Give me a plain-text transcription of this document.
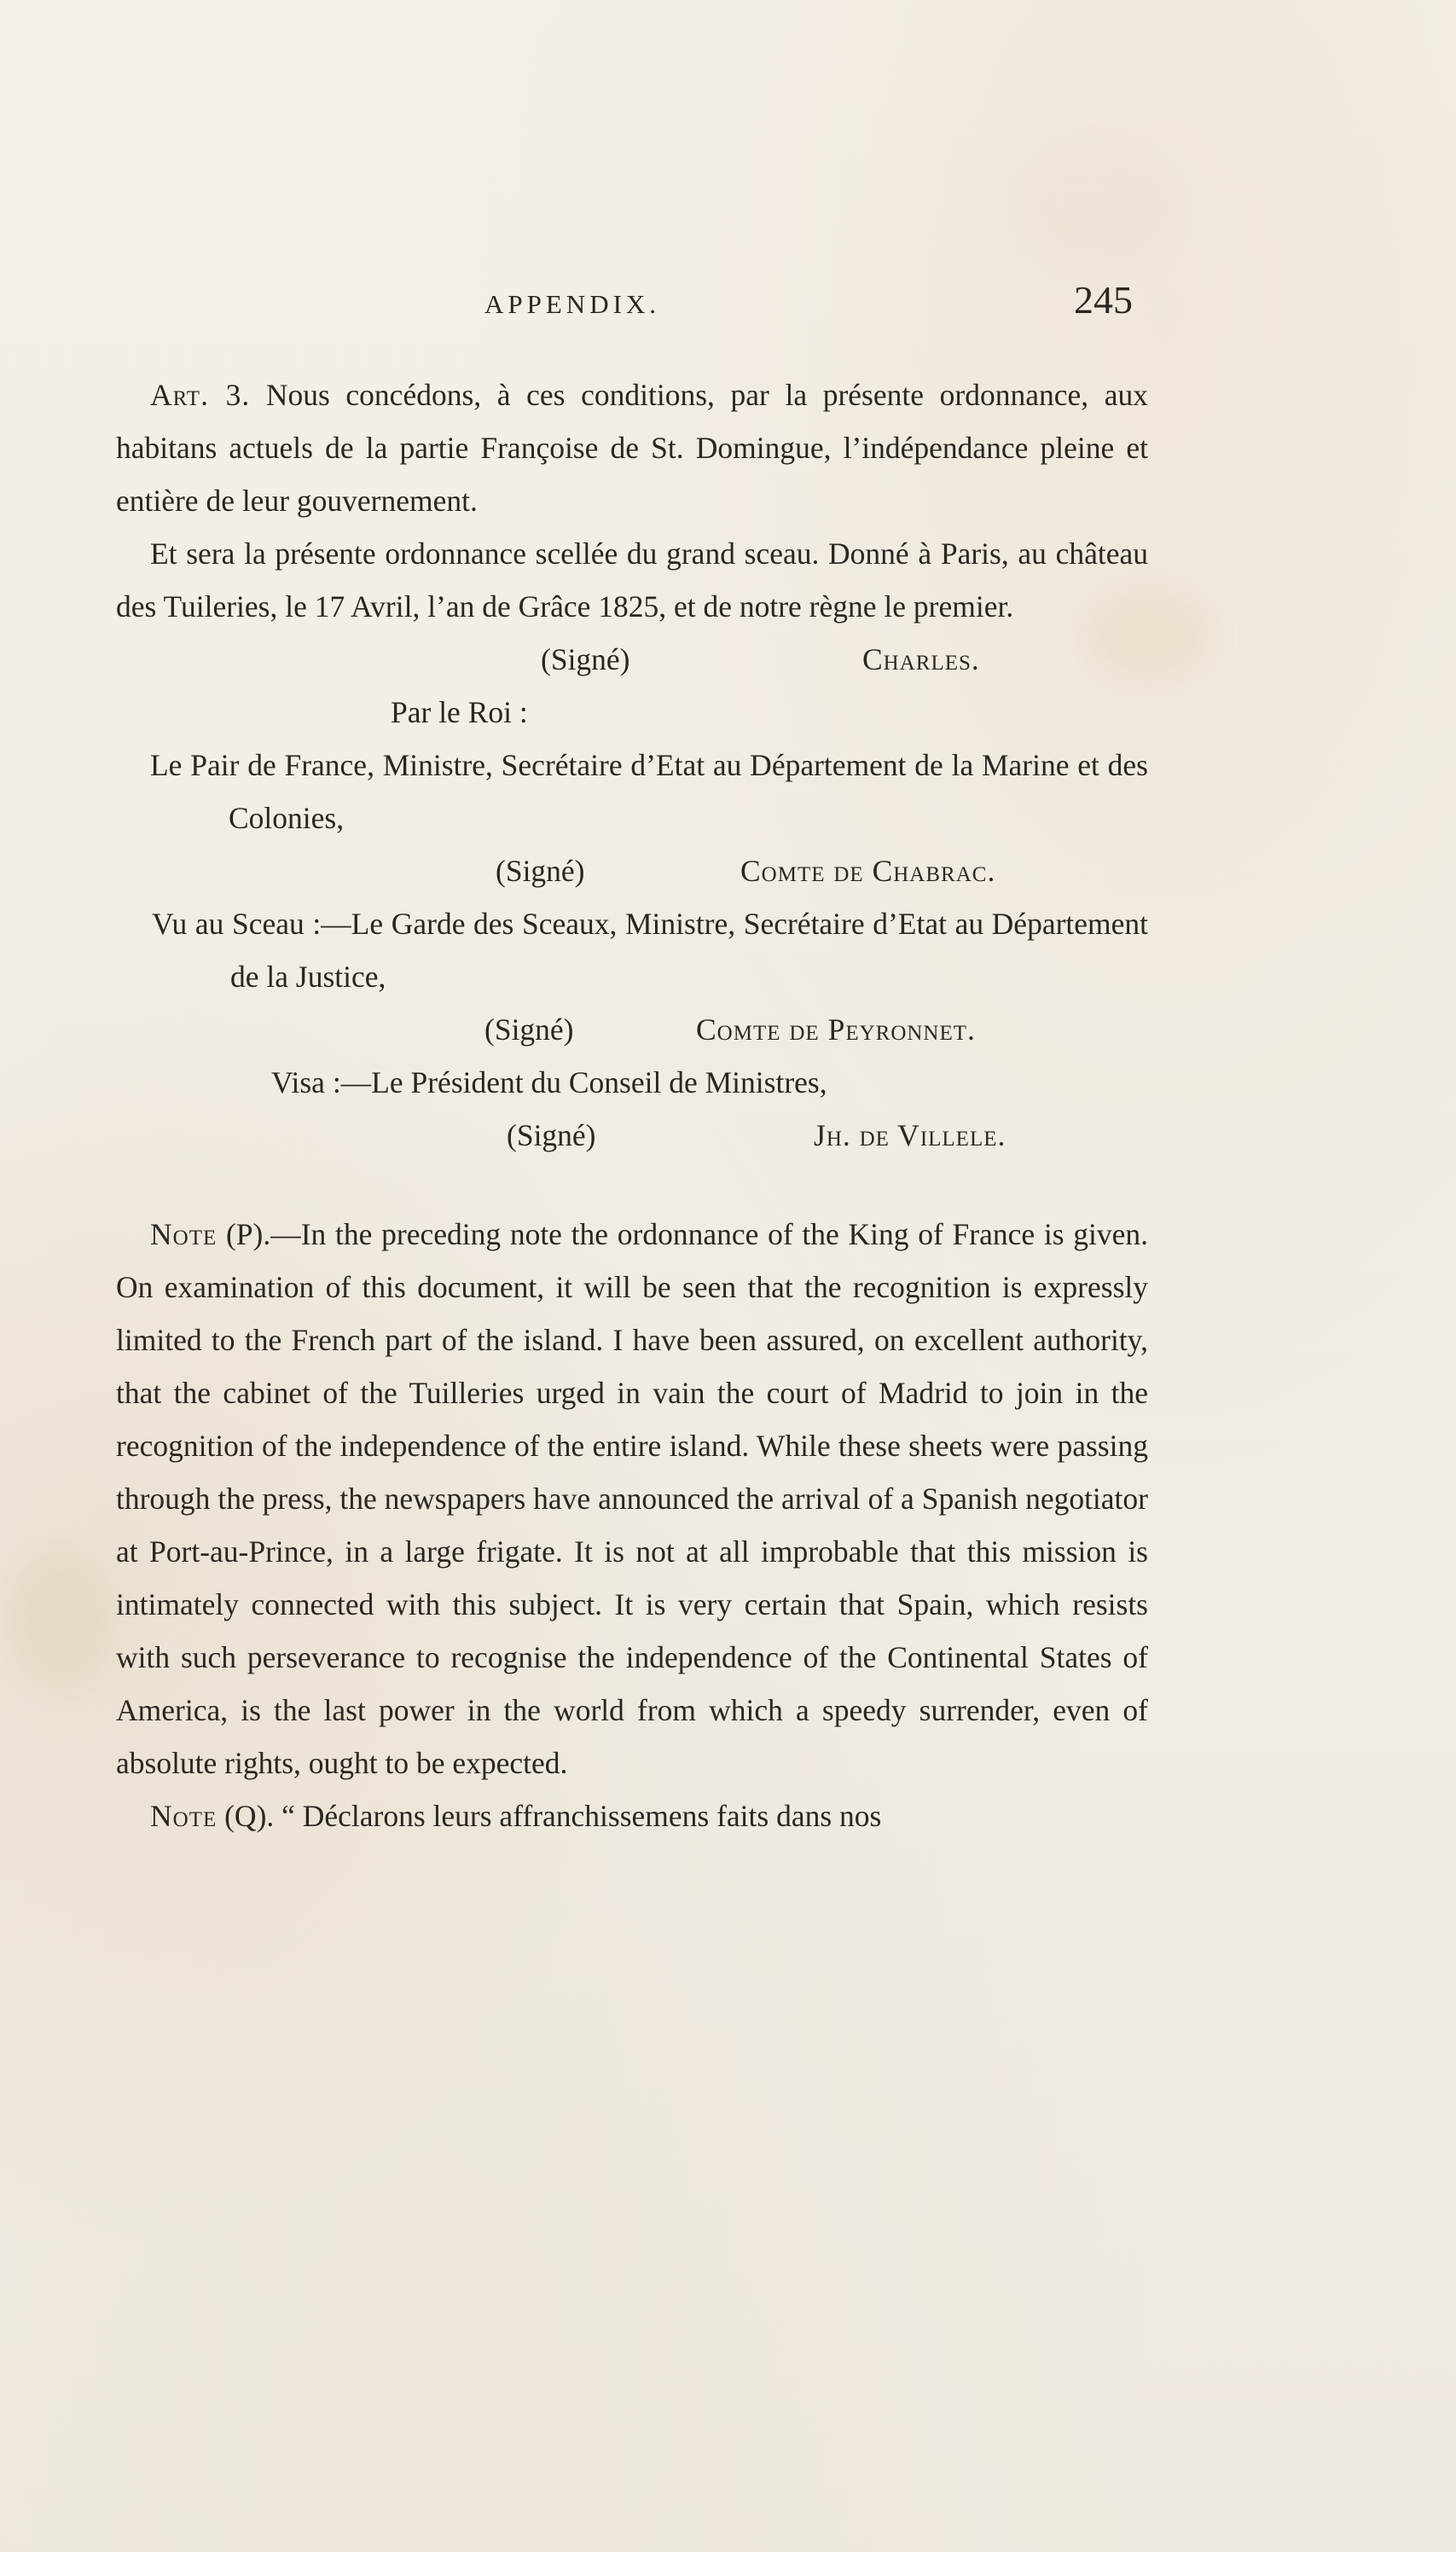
APPENDIX.	245

Art. 3. Nous concédons, à ces conditions, par la présente ordonnance, aux habitans actuels de la partie Françoise de St. Domingue, l’indépendance pleine et entière de leur gouvernement.

Et sera la présente ordonnance scellée du grand sceau. Donné à Paris, au château des Tuileries, le 17 Avril, l’an de Grâce 1825, et de notre règne le premier.

(Signé)	Charles.
Par le Roi :

Le Pair de France, Ministre, Secrétaire d’Etat au Département de la Marine et des Colonies,

(Signé)	Comte de Chabrac.

Vu au Sceau :—Le Garde des Sceaux, Ministre, Secrétaire d’Etat au Département de la Justice,

(Signé)	Comte de Peyronnet.

Visa :—Le Président du Conseil de Ministres,

(Signé)	Jh. de Villele.

Note (P).—In the preceding note the ordonnance of the King of France is given. On examination of this document, it will be seen that the recognition is expressly limited to the French part of the island. I have been assured, on excellent authority, that the cabinet of the Tuilleries urged in vain the court of Madrid to join in the recognition of the independence of the entire island. While these sheets were passing through the press, the newspapers have announced the arrival of a Spanish negotiator at Port-au-Prince, in a large frigate. It is not at all improbable that this mission is intimately connected with this subject. It is very certain that Spain, which resists with such perseverance to recognise the independence of the Continental States of America, is the last power in the world from which a speedy surrender, even of absolute rights, ought to be expected.

Note (Q). “ Déclarons leurs affranchissemens faits dans nos
